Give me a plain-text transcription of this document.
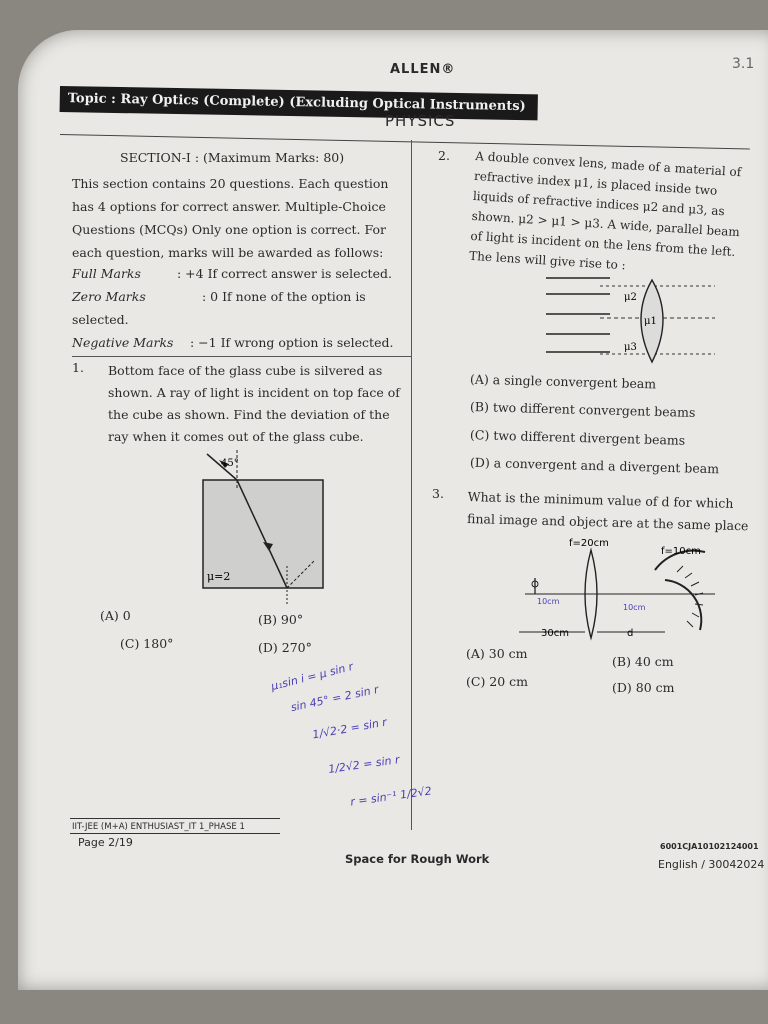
3.1
ALLEN®
Topic : Ray Optics (Complete) (Excluding Optical Instruments)
PHYSICS
SECTION-I : (Maximum Marks: 80)
This section contains 20 questions. Each question has 4 options for correct answer. Multiple-Choice Questions (MCQs) Only one option is correct. For each question, marks will be awarded as follows:
Full Marks	: +4 If correct answer is selected.
Zero Marks	: 0 If none of the option is
selected.
Negative Marks : −1 If wrong option is selected.
1. Bottom face of the glass cube is silvered as shown. A ray of light is incident on top face of the cube as shown. Find the deviation of the ray when it comes out of the glass cube.
45°
μ=2
(A) 0	(B) 90°
(C) 180°	(D) 270°
μ₁sin i = μ sin r
sin 45° = 2 sin r
1/√2·2 = sin r
1/2√2 = sin r
r = sin⁻¹ 1/2√2
2.	A double convex lens, made of a material of refractive index μ1, is placed inside two liquids of refractive indices μ2 and μ3, as shown. μ2 > μ1 > μ3. A wide, parallel beam of light is incident on the lens from the left. The lens will give rise to :
μ2
μ1
μ3
(A) a single convergent beam
(B) two different convergent beams
(C) two different divergent beams
(D) a convergent and a divergent beam
3. What is the minimum value of d for which final image and object are at the same place
f=20cm
f=10cm
30cm	d
10cm
10cm
(A) 30 cm
(B) 40 cm
(C) 20 cm	(D) 80 cm
IIT-JEE (M+A) ENTHUSIAST_IT 1_PHASE 1
Page 2/19
Space for Rough Work
6001CJA10102124001
English / 30042024
